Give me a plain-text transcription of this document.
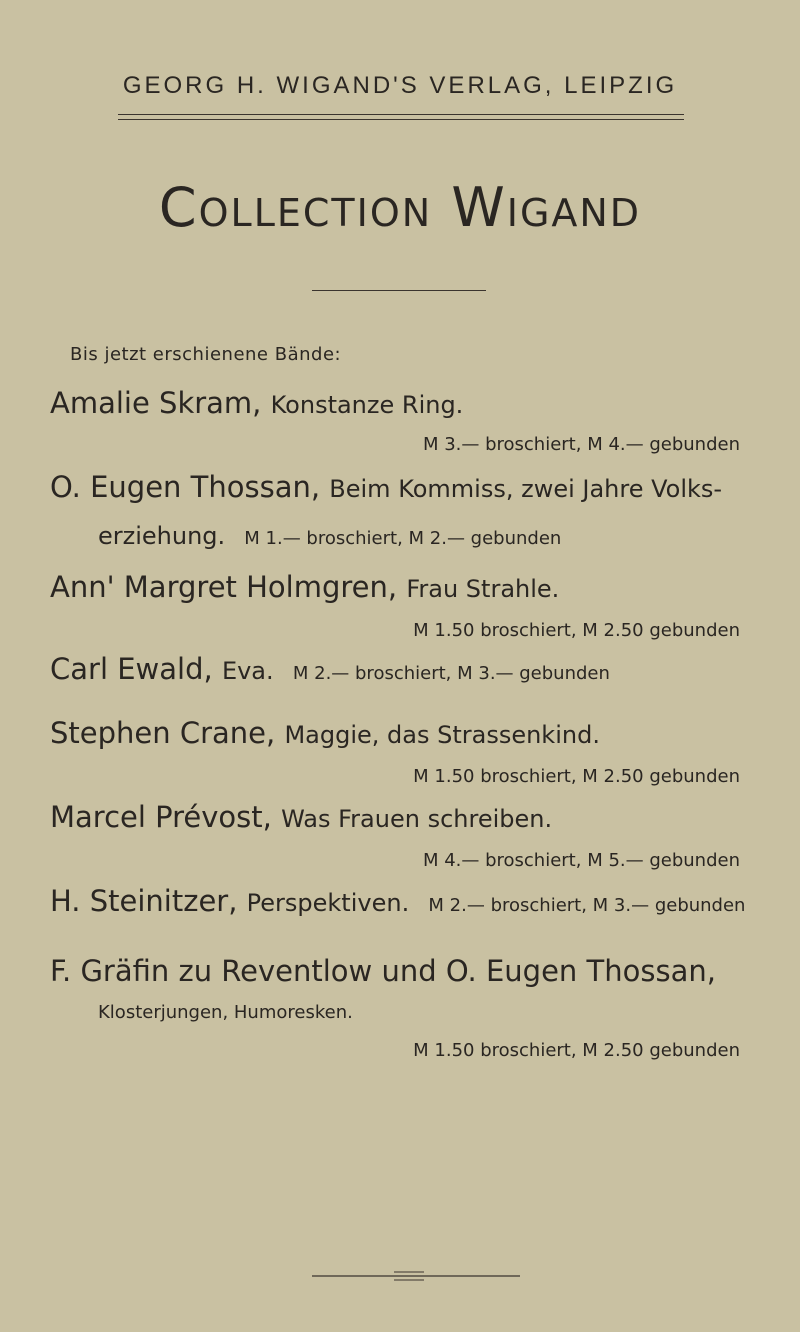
GEORG H. WIGAND'S VERLAG, LEIPZIG
Collection Wigand
Bis jetzt erschienene Bände:
Amalie Skram, Konstanze Ring.
M 3.— broschiert, M 4.— gebunden
O. Eugen Thossan, Beim Kommiss, zwei Jahre Volks-
erziehung. M 1.— broschiert, M 2.— gebunden
Ann' Margret Holmgren, Frau Strahle.
M 1.50 broschiert, M 2.50 gebunden
Carl Ewald, Eva. M 2.— broschiert, M 3.— gebunden
Stephen Crane, Maggie, das Strassenkind.
M 1.50 broschiert, M 2.50 gebunden
Marcel Prévost, Was Frauen schreiben.
M 4.— broschiert, M 5.— gebunden
H. Steinitzer, Perspektiven. M 2.— broschiert, M 3.— gebunden
F. Gräfin zu Reventlow und O. Eugen Thossan,
Klosterjungen, Humoresken.
M 1.50 broschiert, M 2.50 gebunden
